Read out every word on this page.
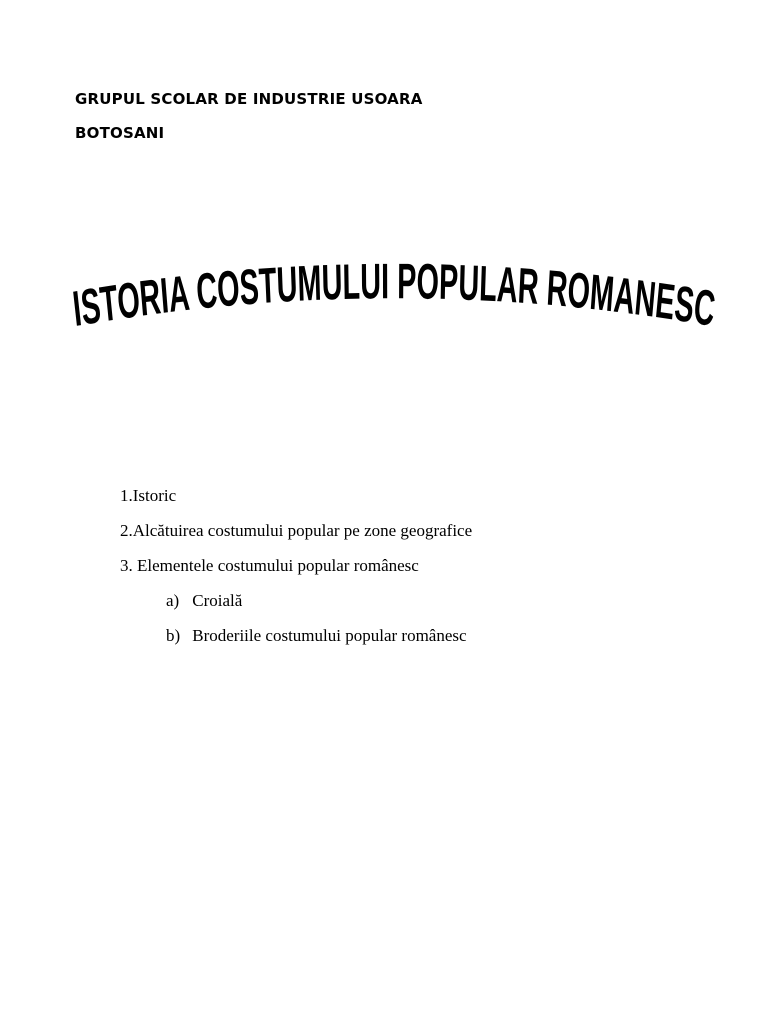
GRUPUL SCOLAR DE INDUSTRIE USOARA
BOTOSANI
ISTORIA COSTUMULUI POPULAR ROMANESC
1.Istoric
2.Alcătuirea costumului popular pe zone geografice
3. Elementele costumului popular românesc
a) Croială
b) Broderiile costumului popular românesc
